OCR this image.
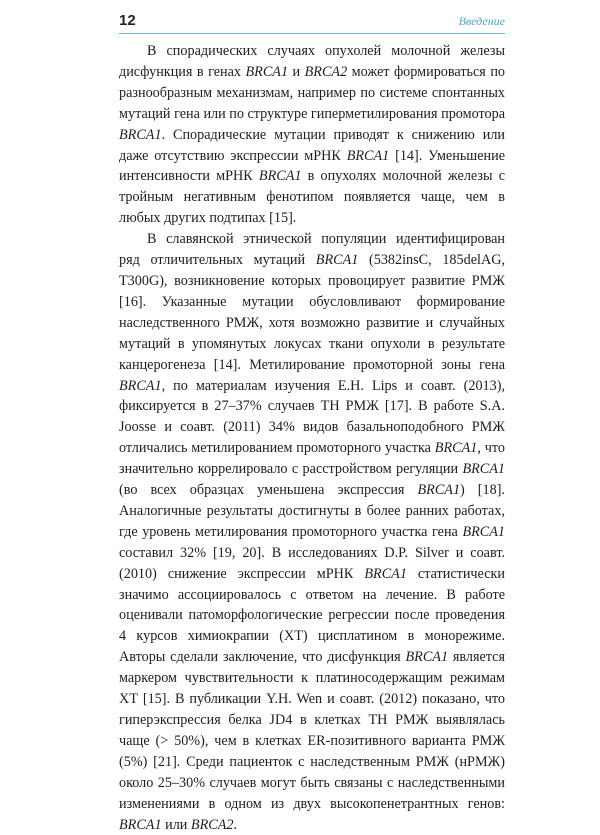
12	Введение

В спорадических случаях опухолей молочной железы дисфункция в генах BRCA1 и BRCA2 может формироваться по разнообразным механизмам, например по системе спонтанных мутаций гена или по структуре гиперметилирования промотора BRCA1. Спорадические мутации приводят к снижению или даже отсутствию экспрессии мРНК BRCA1 [14]. Уменьшение интенсивности мРНК BRCA1 в опухолях молочной железы с тройным негативным фенотипом появляется чаще, чем в любых других подтипах [15].

В славянской этнической популяции идентифицирован ряд отличительных мутаций BRCA1 (5382insC, 185delAG, T300G), возникновение которых провоцирует развитие РМЖ [16]. Указанные мутации обусловливают формирование наследственного РМЖ, хотя возможно развитие и случайных мутаций в упомянутых локусах ткани опухоли в результате канцерогенеза [14]. Метилирование промоторной зоны гена BRCA1, по материалам изучения E.H. Lips и соавт. (2013), фиксируется в 27–37% случаев ТН РМЖ [17]. В работе S.A. Joosse и соавт. (2011) 34% видов базальноподобного РМЖ отличались метилированием промоторного участка BRCA1, что значительно коррелировало с расстройством регуляции BRCA1 (во всех образцах уменьшена экспрессия BRCA1) [18]. Аналогичные результаты достигнуты в более ранних работах, где уровень метилирования промоторного участка гена BRCA1 составил 32% [19, 20]. В исследованиях D.P. Silver и соавт. (2010) снижение экспрессии мРНК BRCA1 статистически значимо ассоциировалось с ответом на лечение. В работе оценивали патоморфологические регрессии после проведения 4 курсов химиокрапии (ХТ) цисплатином в монорежиме. Авторы сделали заключение, что дисфункция BRCA1 является маркером чувствительности к платиносодержащим режимам ХТ [15]. В публикации Y.H. Wen и соавт. (2012) показано, что гиперэкспрессия белка JD4 в клетках ТН РМЖ выявлялась чаще (> 50%), чем в клетках ER-позитивного варианта РМЖ (5%) [21]. Среди пациенток с наследственным РМЖ (нРМЖ) около 25–30% случаев могут быть связаны с наследственными изменениями в одном из двух высокопенетрантных генов: BRCA1 или BRCA2.
